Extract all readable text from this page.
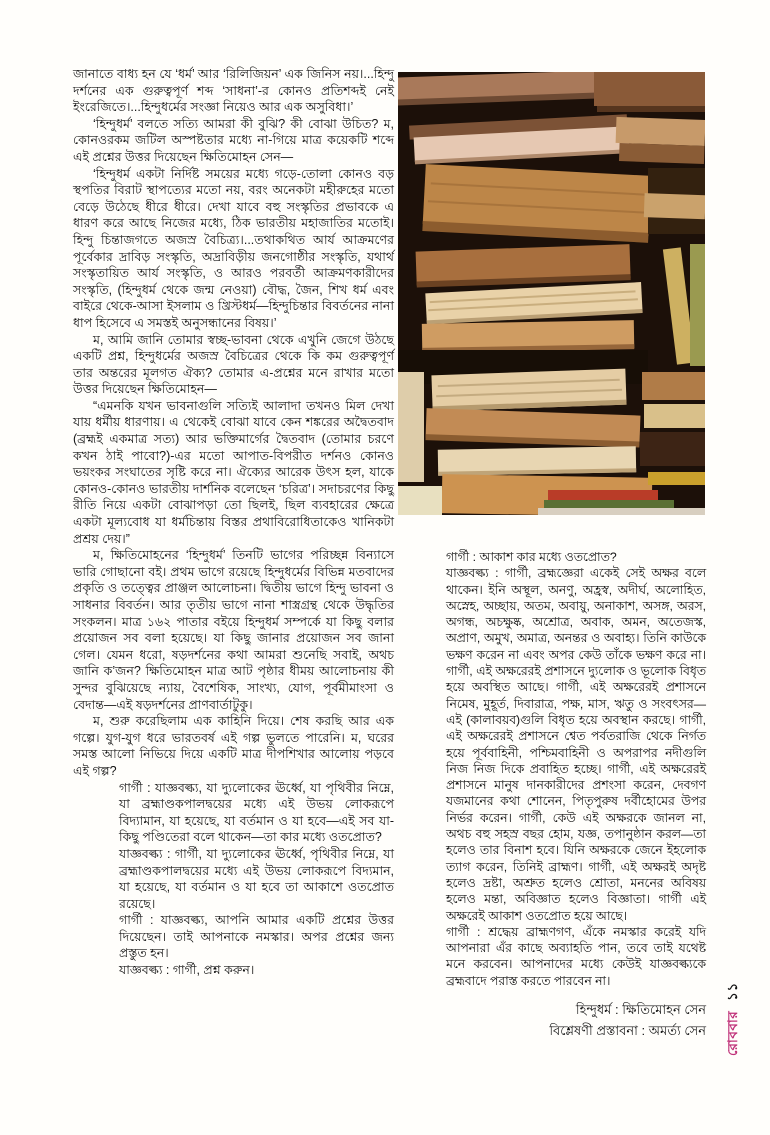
জানাতে বাধ্য হন যে ‘ধর্ম’ আর ‘রিলিজিয়ন’ এক জিনিস নয়।...হিন্দু দর্শনের এক গুরুত্বপূর্ণ শব্দ ‘সাধনা’-র কোনও প্রতিশব্দই নেই ইংরেজিতে।...হিন্দুধর্মের সংজ্ঞা নিয়েও আর এক অসুবিধা।’

‘হিন্দুধর্ম’ বলতে সত্যি আমরা কী বুঝি? কী বোঝা উচিত? ম, কোনওরকম জটিল অস্পষ্টতার মধ্যে না-গিয়ে মাত্র কয়েকটি শব্দে এই প্রশ্নের উত্তর দিয়েছেন ক্ষিতিমোহন সেন—

‘হিন্দুধর্ম একটা নির্দিষ্ট সময়ের মধ্যে গড়ে-তোলা কোনও বড় স্থপতির বিরাট স্থাপত্যের মতো নয়, বরং অনেকটা মহীরুহের মতো বেড়ে উঠেছে ধীরে ধীরে। দেখা যাবে বহু সংস্কৃতির প্রভাবকে এ ধারণ করে আছে নিজের মধ্যে, ঠিক ভারতীয় মহাজাতির মতোই। হিন্দু চিন্তাজগতে অজস্র বৈচিত্র্য।...তথাকথিত আর্য আক্রমণের পূর্বেকার দ্রাবিড় সংস্কৃতি, অদ্রাবিড়ীয় জনগোষ্ঠীর সংস্কৃতি, যথার্থ সংস্কৃতায়িত আর্য সংস্কৃতি, ও আরও পরবর্তী আক্রমণকারীদের সংস্কৃতি, (হিন্দুধর্ম থেকে জন্ম নেওয়া) বৌদ্ধ, জৈন, শিখ ধর্ম এবং বাইরে থেকে-আসা ইসলাম ও খ্রিস্টধর্ম—হিন্দুচিন্তার বিবর্তনের নানা ধাপ হিসেবে এ সমস্তই অনুসন্ধানের বিষয়।’

ম, আমি জানি তোমার স্বচ্ছ-ভাবনা থেকে এখুনি জেগে উঠছে একটি প্রশ্ন, হিন্দুধর্মের অজস্র বৈচিত্রের থেকে কি কম গুরুত্বপূর্ণ তার অন্তরের মূলগত ঐক্য? তোমার এ-প্রশ্নের মনে রাখার মতো উত্তর দিয়েছেন ক্ষিতিমোহন—

“এমনকি যখন ভাবনাগুলি সত্যিই আলাদা তখনও মিল দেখা যায় ধর্মীয় ধারণায়। এ থেকেই বোঝা যাবে কেন শঙ্করের অদ্বৈতবাদ (ব্রহ্মই একমাত্র সত্য) আর ভক্তিমার্গের দ্বৈতবাদ (তোমার চরণে কখন ঠাই পাবো?)-এর মতো আপাত-বিপরীত দর্শনও কোনও ভয়ংকর সংঘাতের সৃষ্টি করে না। ঐক্যের আরেক উৎস হল, যাকে কোনও-কোনও ভারতীয় দার্শনিক বলেছেন ‘চরিত্র’। সদাচরণের কিছু রীতি নিয়ে একটা বোঝাপড়া তো ছিলই, ছিল ব্যবহারের ক্ষেত্রে একটা মূল্যবোধ যা ধর্মচিন্তায় বিস্তর প্রথাবিরোধিতাকেও খানিকটা প্রশ্রয় দেয়।”

ম, ক্ষিতিমোহনের ‘হিন্দুধর্ম’ তিনটি ভাগের পরিচ্ছন্ন বিন্যাসে ভারি গোছানো বই। প্রথম ভাগে রয়েছে হিন্দুধর্মের বিভিন্ন মতবাদের প্রকৃতি ও তত্ত্বের প্রাঞ্জল আলোচনা। দ্বিতীয় ভাগে হিন্দু ভাবনা ও সাধনার বিবর্তন। আর তৃতীয় ভাগে নানা শাস্ত্রগ্রন্থ থেকে উদ্ধৃতির সংকলন। মাত্র ১৬২ পাতার বইয়ে হিন্দুধর্ম সম্পর্কে যা কিছু বলার প্রয়োজন সব বলা হয়েছে। যা কিছু জানার প্রয়োজন সব জানা গেল। যেমন ধরো, ষড়দর্শনের কথা আমরা শুনেছি সবাই, অথচ জানি ক’জন? ক্ষিতিমোহন মাত্র আট পৃষ্ঠার ধীময় আলোচনায় কী সুন্দর বুঝিয়েছে ন্যায়, বৈশেষিক, সাংখ্য, যোগ, পূর্বমীমাংসা ও বেদান্ত—এই ষড়দর্শনের প্রাণবার্তাটুকু।

ম, শুরু করেছিলাম এক কাহিনি দিয়ে। শেষ করছি আর এক গল্পে। যুগ-যুগ ধরে ভারতবর্ষ এই গল্প ভুলতে পারেনি। ম, ঘরের সমস্ত আলো নিভিয়ে দিয়ে একটি মাত্র দীপশিখার আলোয় পড়বে এই গল্প?

গার্গী : যাজ্ঞবল্ক্য, যা দ্যুলোকের ঊর্ধ্বে, যা পৃথিবীর নিম্নে, যা ব্রহ্মাণ্ডকপালদ্বয়ের মধ্যে এই উভয় লোকরূপে বিদ্যামান, যা হয়েছে, যা বর্তমান ও যা হবে—এই সব যা-কিছু পণ্ডিতেরা বলে থাকেন—তা কার মধ্যে ওতপ্রোত?

যাজ্ঞবল্ক্য : গার্গী, যা দ্যুলোকের ঊর্ধ্বে, পৃথিবীর নিম্নে, যা ব্রহ্মাণ্ডকপালদ্বয়ের মধ্যে এই উভয় লোকরূপে বিদ্যমান, যা হয়েছে, যা বর্তমান ও যা হবে তা আকাশে ওতপ্রোত রয়েছে।

গার্গী : যাজ্ঞবল্ক্য, আপনি আমার একটি প্রশ্নের উত্তর দিয়েছেন। তাই আপনাকে নমস্কার। অপর প্রশ্নের জন্য প্রস্তুত হন।

যাজ্ঞবল্ক্য : গার্গী, প্রশ্ন করুন।

গার্গী : আকাশ কার মধ্যে ওতপ্রোত?

যাজ্ঞবল্ক্য : গার্গী, ব্রহ্মজ্ঞেরা একেই সেই অক্ষর বলে থাকেন। ইনি অস্থূল, অনণু, অহ্রস্ব, অদীর্ঘ, অলোহিত, অস্নেহ, অচ্ছায়, অতম, অবায়ু, অনাকাশ, অসঙ্গ, অরস, অগন্ধ, অচক্ষুষ্ক, অশ্রোত্র, অবাক, অমন, অতেজস্ক, অপ্রাণ, অমুখ, অমাত্র, অনন্তর ও অবাহ্য। তিনি কাউকে ভক্ষণ করেন না এবং অপর কেউ তাঁকে ভক্ষণ করে না। গার্গী, এই অক্ষরেরই প্রশাসনে দ্যুলোক ও ভূলোক বিধৃত হয়ে অবস্থিত আছে। গার্গী, এই অক্ষরেরই প্রশাসনে নিমেষ, মুহূর্ত, দিবারাত্র, পক্ষ, মাস, ঋতু ও সংবৎসর—এই (কালাবয়ব)গুলি বিধৃত হয়ে অবস্থান করছে। গার্গী, এই অক্ষরেরই প্রশাসনে শ্বেত পর্বতরাজি থেকে নির্গত হয়ে পূর্ববাহিনী, পশ্চিমবাহিনী ও অপরাপর নদীগুলি নিজ নিজ দিকে প্রবাহিত হচ্ছে। গার্গী, এই অক্ষরেরই প্রশাসনে মানুষ দানকারীদের প্রশংসা করেন, দেবগণ যজমানের কথা শোনেন, পিতৃপুরুষ দর্বীহোমের উপর নির্ভর করেন। গার্গী, কেউ এই অক্ষরকে জানল না, অথচ বহু সহস্র বছর হোম, যজ্ঞ, তপানুষ্ঠান করল—তা হলেও তার বিনাশ হবে। যিনি অক্ষরকে জেনে ইহলোক ত্যাগ করেন, তিনিই ব্রাহ্মণ। গার্গী, এই অক্ষরই অদৃষ্ট হলেও দ্রষ্টা, অশ্রুত হলেও শ্রোতা, মননের অবিষয় হলেও মন্তা, অবিজ্ঞাত হলেও বিজ্ঞাতা। গার্গী এই অক্ষরেই আকাশ ওতপ্রোত হয়ে আছে।

গার্গী : শ্রদ্ধেয় ব্রাহ্মণগণ, এঁকে নমস্কার করেই যদি আপনারা এঁর কাছে অব্যাহতি পান, তবে তাই যথেষ্ট মনে করবেন। আপনাদের মধ্যে কেউই যাজ্ঞবল্ক্যকে ব্রহ্মবাদে পরাস্ত করতে পারবেন না।

হিন্দুধর্ম : ক্ষিতিমোহন সেন

বিশ্লেষণী প্রস্তাবনা : অমর্ত্য সেন রোববার১১
